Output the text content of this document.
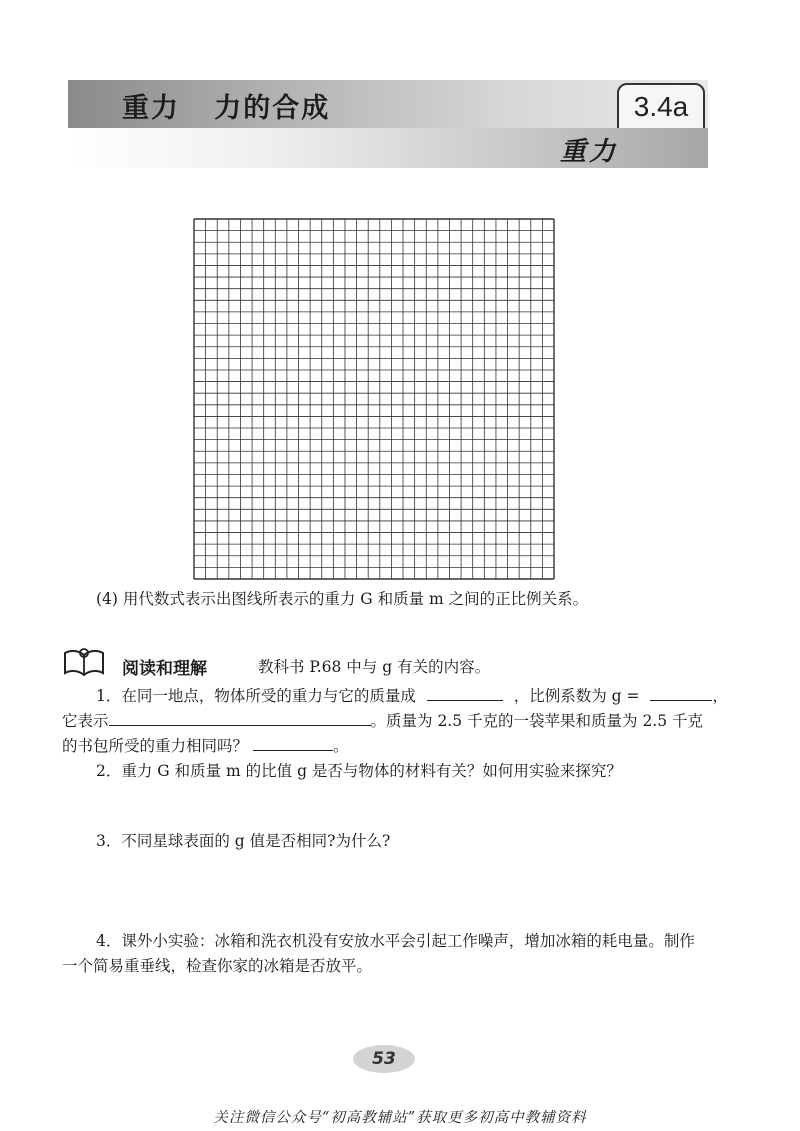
重力   力的合成	3.4a
重力
(4) 用代数式表示出图线所表示的重力 G 和质量 m 之间的正比例关系。
阅读和理解	教科书 P.68 中与 g 有关的内容。
1．在同一地点，物体所受的重力与它的质量成	，比例系数为 g =	，
它表示	。质量为 2.5 千克的一袋苹果和质量为 2.5 千克
的书包所受的重力相同吗？	。
2．重力 G 和质量 m 的比值 g 是否与物体的材料有关？如何用实验来探究？
3．不同星球表面的 g 值是否相同?为什么?
4．课外小实验：冰箱和洗衣机没有安放水平会引起工作噪声，增加冰箱的耗电量。制作
一个简易重垂线，检查你家的冰箱是否放平。
53
关注微信公众号“初高教辅站”获取更多初高中教辅资料
